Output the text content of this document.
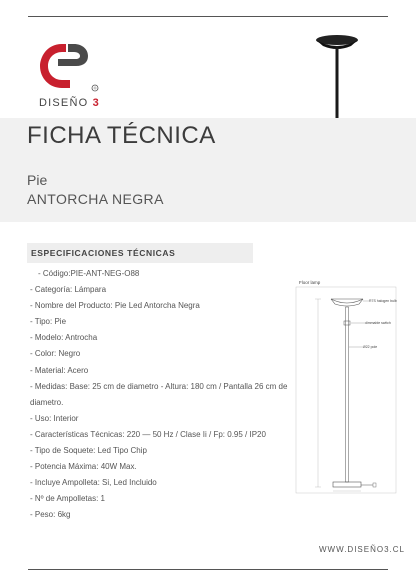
®
DISEÑO 3
FICHA TÉCNICA
Pie
ANTORCHA NEGRA
ESPECIFICACIONES TÉCNICAS
- Código:PIE-ANT-NEG-O88
- Categoría: Lámpara
- Nombre del Producto: Pie Led Antorcha Negra
- Tipo: Pie
- Modelo: Antrocha
- Color: Negro
- Material: Acero
- Medidas: Base: 25 cm de diametro - Altura: 180 cm / Pantalla 26 cm de diametro.
- Uso: Interior
- Características Técnicas: 220 — 50 Hz / Clase Ii / Fp: 0.95 / IP20
- Tipo de Soquete: Led Tipo Chip
- Potencia Máxima: 40W Max.
- Incluye Ampolleta: Si, Led Incluido
- Nº de Ampolletas: 1
- Peso: 6kg
Floor lamp
R7S halogen bulb
dimmable switch
Ø22 pole
WWW.DISEÑO3.CL
